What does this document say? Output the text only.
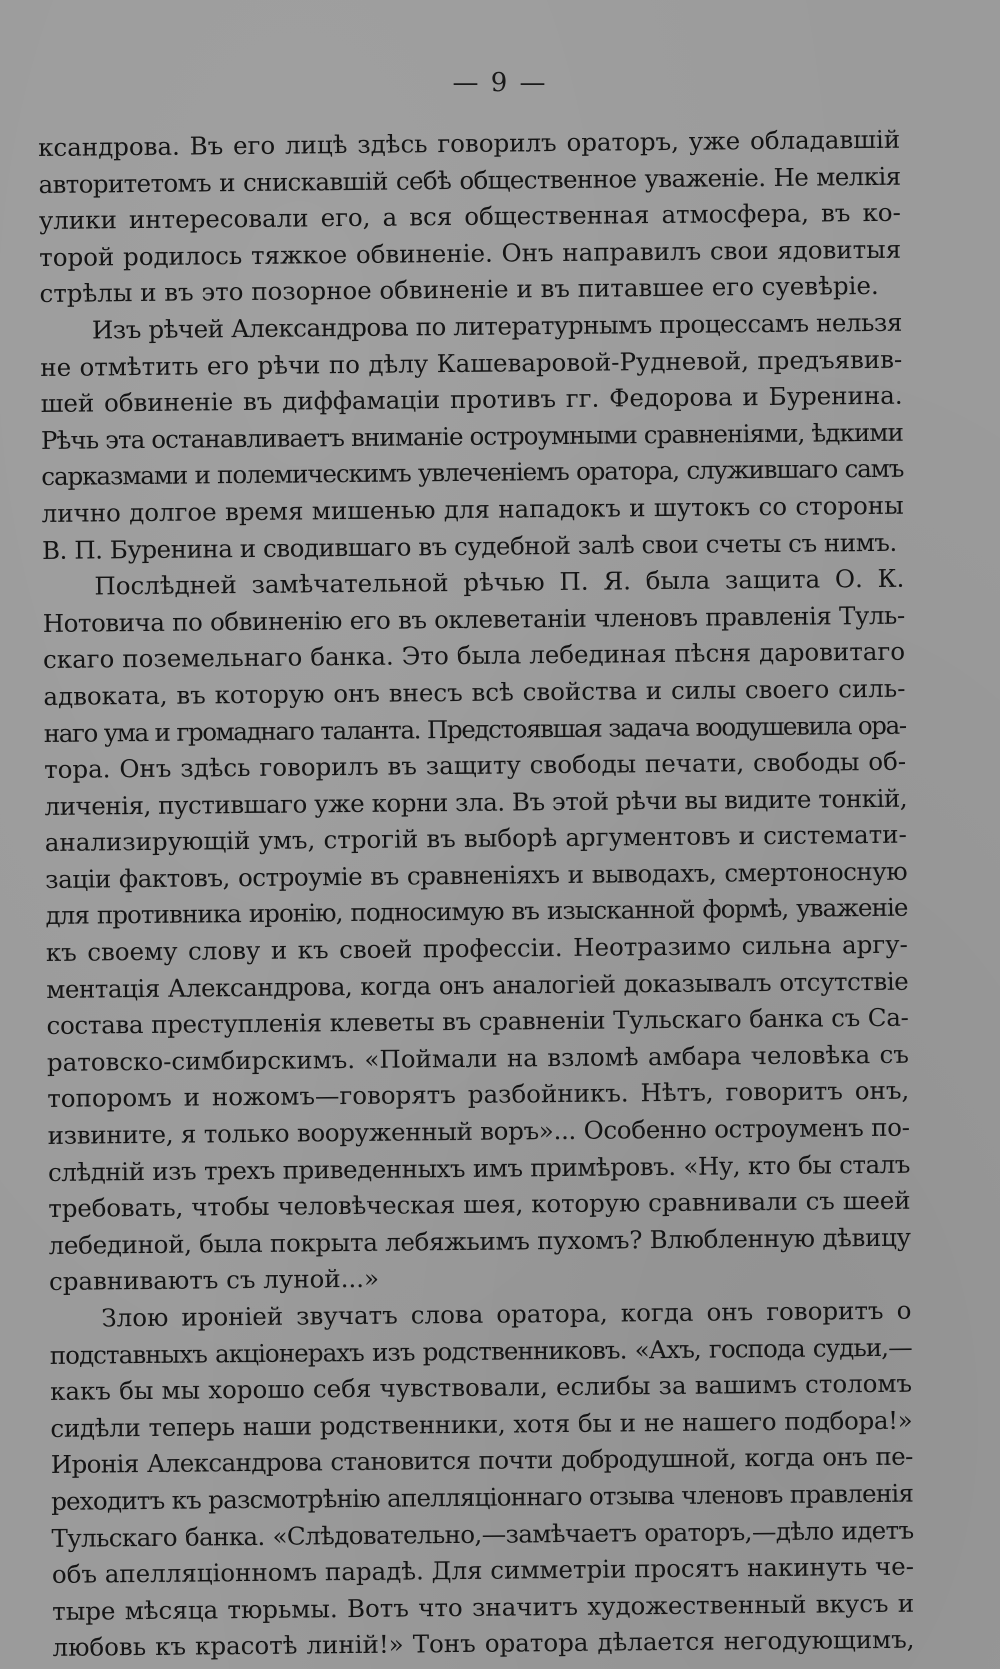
— 9 —
ксандрова. Въ его лицѣ здѣсь говорилъ ораторъ, уже обладавшій
авторитетомъ и снискавшій себѣ общественное уваженіе. Не мелкія
улики интересовали его, а вся общественная атмосфера, въ ко-
торой родилось тяжкое обвиненіе. Онъ направилъ свои ядовитыя
стрѣлы и въ это позорное обвиненіе и въ питавшее его суевѣріе.
Изъ рѣчей Александрова по литературнымъ процессамъ нельзя
не отмѣтить его рѣчи по дѣлу Кашеваровой-Рудневой, предъявив-
шей обвиненіе въ диффамаціи противъ гг. Федорова и Буренина.
Рѣчь эта останавливаетъ вниманіе остроумными сравненіями, ѣдкими
сарказмами и полемическимъ увлеченіемъ оратора, служившаго самъ
лично долгое время мишенью для нападокъ и шутокъ со стороны
В. П. Буренина и сводившаго въ судебной залѣ свои счеты съ нимъ.
Послѣдней замѣчательной рѣчью П. Я. была защита О. К.
Нотовича по обвиненію его въ оклеветаніи членовъ правленія Туль-
скаго поземельнаго банка. Это была лебединая пѣсня даровитаго
адвоката, въ которую онъ внесъ всѣ свойства и силы своего силь-
наго ума и громаднаго таланта. Предстоявшая задача воодушевила ора-
тора. Онъ здѣсь говорилъ въ защиту свободы печати, свободы об-
личенія, пустившаго уже корни зла. Въ этой рѣчи вы видите тонкій,
анализирующій умъ, строгій въ выборѣ аргументовъ и системати-
заціи фактовъ, остроуміе въ сравненіяхъ и выводахъ, смертоносную
для противника иронію, подносимую въ изысканной формѣ, уваженіе
къ своему слову и къ своей профессіи. Неотразимо сильна аргу-
ментація Александрова, когда онъ аналогіей доказывалъ отсутствіе
состава преступленія клеветы въ сравненіи Тульскаго банка съ Са-
ратовско-симбирскимъ. «Поймали на взломѣ амбара человѣка съ
топоромъ и ножомъ—говорятъ разбойникъ. Нѣтъ, говоритъ онъ,
извините, я только вооруженный воръ»... Особенно остроуменъ по-
слѣдній изъ трехъ приведенныхъ имъ примѣровъ. «Ну, кто бы сталъ
требовать, чтобы человѣческая шея, которую сравнивали съ шеей
лебединой, была покрыта лебяжьимъ пухомъ? Влюбленную дѣвицу
сравниваютъ съ луной...»
Злою ироніей звучатъ слова оратора, когда онъ говоритъ о
подставныхъ акціонерахъ изъ родственниковъ. «Ахъ, господа судьи,—
какъ бы мы хорошо себя чувствовали, еслибы за вашимъ столомъ
сидѣли теперь наши родственники, хотя бы и не нашего подбора!»
Иронія Александрова становится почти добродушной, когда онъ пе-
реходитъ къ разсмотрѣнію апелляціоннаго отзыва членовъ правленія
Тульскаго банка. «Слѣдовательно,—замѣчаетъ ораторъ,—дѣло идетъ
объ апелляціонномъ парадѣ. Для симметріи просятъ накинуть че-
тыре мѣсяца тюрьмы. Вотъ что значитъ художественный вкусъ и
любовь къ красотѣ линій!» Тонъ оратора дѣлается негодующимъ,
